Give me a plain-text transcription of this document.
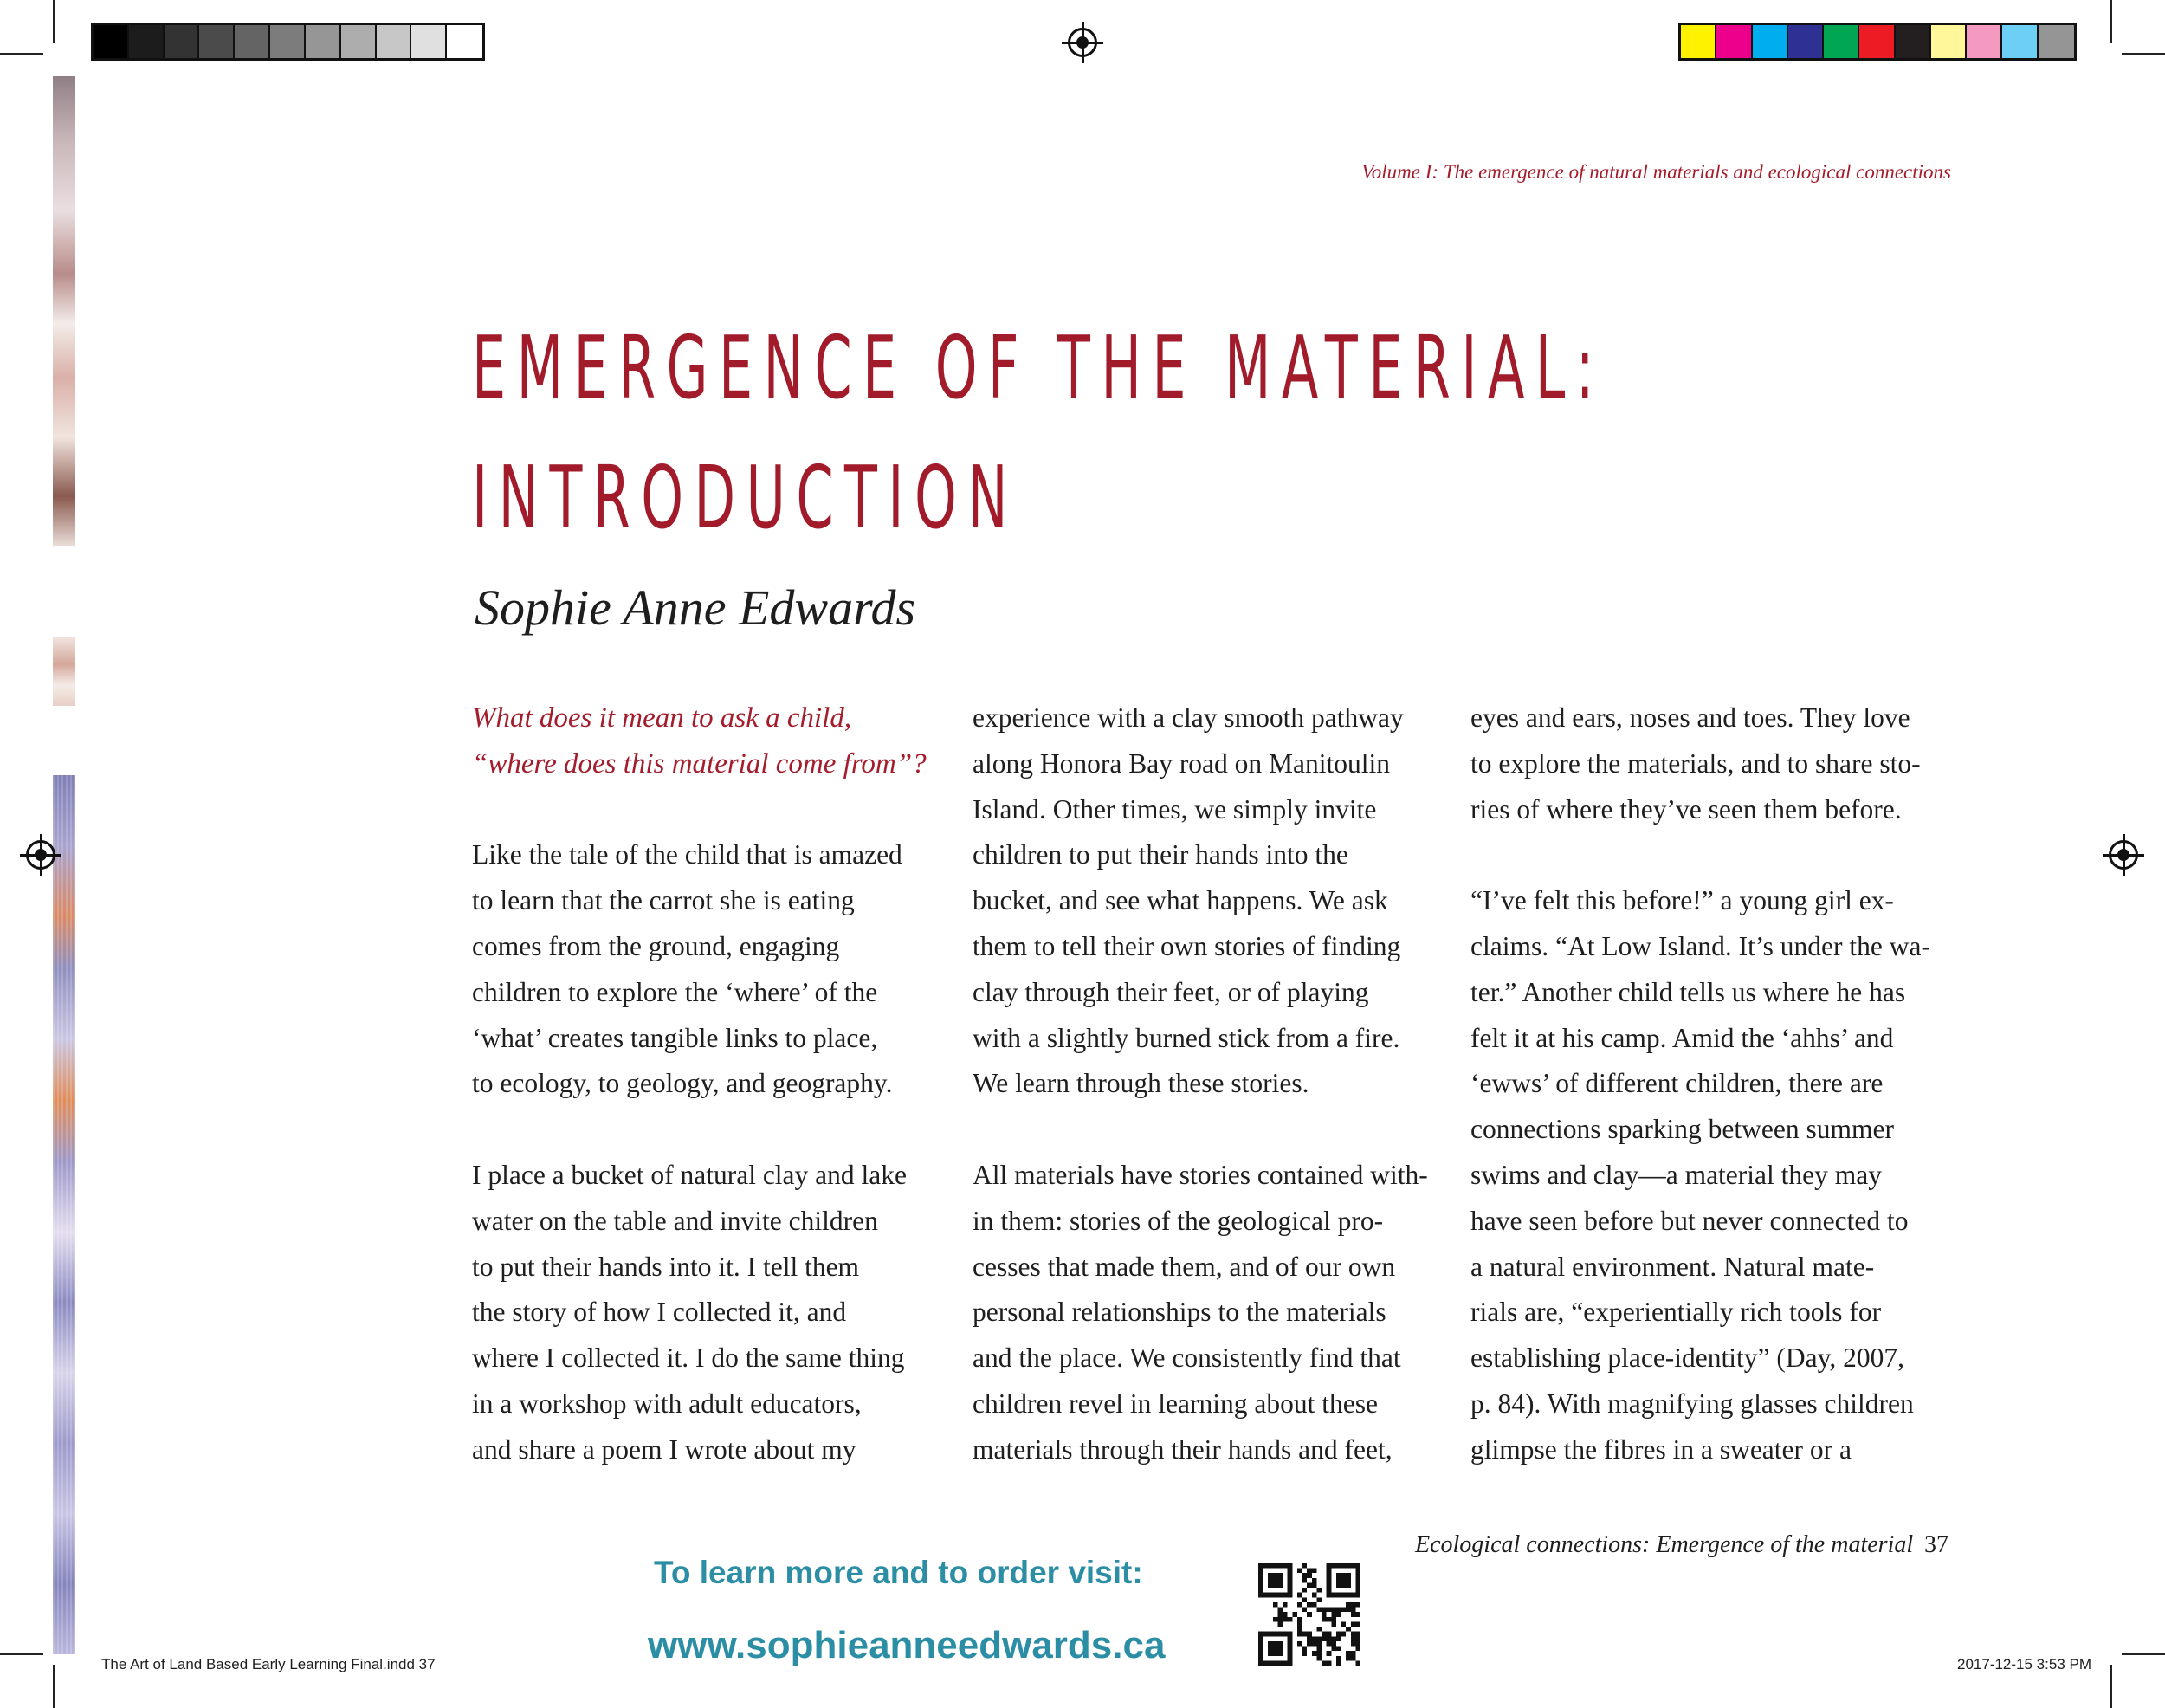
Volume I: The emergence of natural materials and ecological connections
EMERGENCE OF THE MATERIAL:
INTRODUCTION
Sophie Anne Edwards

What does it mean to ask a child,
“where does this material come from”?

Like the tale of the child that is amazed
to learn that the carrot she is eating
comes from the ground, engaging
children to explore the ‘where’ of the
‘what’ creates tangible links to place,
to ecology, to geology, and geography.

I place a bucket of natural clay and lake
water on the table and invite children
to put their hands into it. I tell them
the story of how I collected it, and
where I collected it. I do the same thing
in a workshop with adult educators,
and share a poem I wrote about my

experience with a clay smooth pathway
along Honora Bay road on Manitoulin
Island. Other times, we simply invite
children to put their hands into the
bucket, and see what happens. We ask
them to tell their own stories of finding
clay through their feet, or of playing
with a slightly burned stick from a fire.
We learn through these stories.

All materials have stories contained with-
in them: stories of the geological pro-
cesses that made them, and of our own
personal relationships to the materials
and the place. We consistently find that
children revel in learning about these
materials through their hands and feet,

eyes and ears, noses and toes. They love
to explore the materials, and to share sto-
ries of where they’ve seen them before.

“I’ve felt this before!” a young girl ex-
claims. “At Low Island. It’s under the wa-
ter.” Another child tells us where he has
felt it at his camp. Amid the ‘ahhs’ and
‘ewws’ of different children, there are
connections sparking between summer
swims and clay—a material they may
have seen before but never connected to
a natural environment. Natural mate-
rials are, “experientially rich tools for
establishing place-identity” (Day, 2007,
p. 84). With magnifying glasses children
glimpse the fibres in a sweater or a

Ecological connections: Emergence of the material 37
To learn more and to order visit:
www.sophieanneedwards.ca
The Art of Land Based Early Learning Final.indd 37	2017-12-15 3:53 PM
